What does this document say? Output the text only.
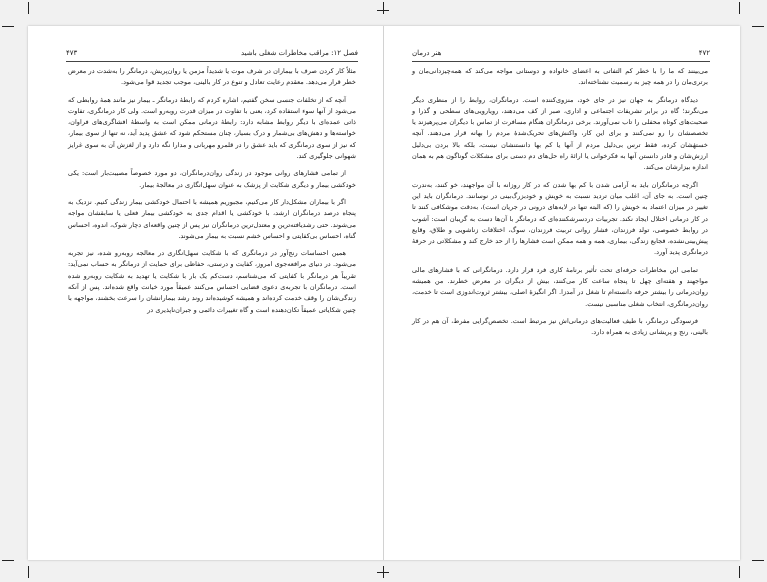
فصل ۱۲: مراقب مخاطرات شغلی باشید
۴۷۳

مثلاً کار کردن صرف با بیماران در شرف موت یا شدیداً مزمن یا روان‌پریش، درمانگر را به‌شدت در معرض خطر قرار می‌دهد. معقدم رعایت تعادل و تنوع در کار بالینی، موجب تجدید قوا می‌شود.

آنچه که از تخلفات جنسی سخن گفتیم، اشاره کردم که رابطهٔ درمانگر ـ بیمار نیز مانند همهٔ روابطی که می‌شود از آنها سوء استفاده کرد، بعنی با تفاوت در میزان قدرت روبه‌رو است. ولی کار درمانگری، تفاوت ذاتی عمده‌ای با دیگر روابط مشابه دارد: رابطهٔ درمانی ممکن است به واسطهٔ افشاگری‌های فراوان، خواسته‌ها و دهش‌های بی‌شمار و درک بسیار، چنان مستحکم شود که عشق پدید آید، نه تنها از سوی بیمار، که نیز از سوی درمانگری که باید عشق را در قلمرو مهربانی و مدارا نگه دارد و از لغزش آن به سوی غرایز شهوانی جلوگیری کند.

از تمامی فشارهای روانی موجود در زندگی روان‌درمانگران، دو مورد خصوصاً مصیبت‌بار است: یکی خودکشی بیمار و دیگری شکایت از پزشک به عنوان سهل‌انگاری در معالجهٔ بیمار.

اگر با بیماران مشکل‌دار کار می‌کنیم، مجبوریم همیشه با احتمال خودکشی بیمار زندگی کنیم. نزدیک به پنجاه درصد درمانگران ارشد، با خودکشی یا اقدام جدی به خودکشی بیمار فعلی یا سابقشان مواجه می‌شوند. حتی رشدیافته‌ترین و معتدل‌ترین درمانگران نیز پس از چنین واقعه‌ای دچار شوک، اندوه، احساس گناه، احساس بی‌کفایتی و احساس خشم نسبت به بیمار می‌شوند.

همین احساسات رنج‌آور در درمانگری که با شکایت سهل‌انگاری در معالجه روبه‌رو شده، نیز تجربه می‌شود. در دنیای مرافعه‌جوی امروز، کفایت و درستی، حفاظی برای حمایت از درمانگر به حساب نمی‌آید: تقریباً هر درمانگر با کفایتی که می‌شناسم، دست‌کم یک بار با شکایت یا تهدید به شکایت روبه‌رو شده است. درمانگران با تجربه‌ی دعوی قضایی احساس می‌کنند عمیقاً مورد خیانت واقع شده‌اند. پس از آنکه زندگی‌شان را وقف خدمت کرده‌اند و همیشه کوشیده‌اند روند رشد بیمارانشان را سرعت بخشند، مواجهه با چنین شکایاتی عمیقاً تکان‌دهنده است و گاه تغییرات دائمی و جبران‌ناپذیری در

۴۷۲
هنر درمان

می‌بینند که ما را با خطر کم التفاتی به اعضای خانواده و دوستانی مواجه می‌کند که همه‌چیز‌دانی‌مان و برتری‌مان را در همه چیز به رسمیت نشناخته‌اند.

دیدگاه درمانگر به جهان نیز در جای خود، منزوی‌کننده است. درمانگران، روابط را از منظری دیگر می‌نگرند؛ گاه در برابر تشریفات اجتماعی و اداری، صبر از کف می‌دهند، رویارویی‌های سطحی و گذرا و صحبت‌های کوتاه محفلی را تاب نمی‌آورند. برخی درمانگران هنگام مسافرت از تماس با دیگران می‌پرهیزند یا تخصصشان را رو نمی‌کنند و برای این کار، واکنش‌های تحریک‌شدهٔ مردم را بهانه قرار می‌دهند. آنچه خستهٔشان کرده، فقط ترس بی‌دلیل مردم از آنها یا کم بها دانستنشان نیست، بلکه بالا بردن بی‌دلیل ارزش‌شان و قادر دانستن آنها به فکرخوانی یا ارائهٔ راه حل‌های دم دستی برای مشکلات گوناگون هم به همان اندازه بیزارشان می‌کند.

اگرچه درمانگران باید به آرامی شدن با کم بها شدن که در کار روزانه با آن مواجهند، خو کنند، به‌ندرت چنین است. به جای آن، اغلب میان تردید نسبت به خویش و خودبزرگ‌بینی در نوسانند. درمانگران باید این تغییر در میزان اعتماد به خویش را (که البته تنها در لایه‌های درونی در جریان است)، به‌دقت موشکافی کنند تا در کار درمانی اختلال ایجاد نکند. تجربیات دردسرشکننده‌ای که درمانگر با آن‌ها دست به گریبان است: آشوب در روابط خصوصی، تولد فرزندان، فشار روانی تربیت فرزندان، سوگ، اختلافات زناشویی و طلاق، وقایع پیش‌بینی‌نشده، فجایع زندگی، بیماری، همه و همه ممکن است فشارها را از حد خارج کند و مشکلاتی در حرفهٔ درمانگری پدید آورد.

تمامی این مخاطرات حرفه‌ای تحت تأثیر برنامهٔ کاری فرد قرار دارد. درمانگرانی که با فشارهای مالی مواجهند و هفته‌ای چهل تا پنجاه ساعت کار می‌کنند، بیش از دیگران در معرض خطرند. من همیشه روان‌درمانی را بیشتر حرفه دانسته‌ام تا شغل در آمدزا. اگر انگیزهٔ اصلی، بیشتر ثروت‌اندوزی است تا خدمت، روان‌درمانگری، انتخاب شغلی مناسبی نیست.

فرسودگی درمانگر، با طیف فعالیت‌های درمانی‌اش نیز مرتبط است. تخصص‌گرایی مفرط، آن هم در کار بالینی، رنج و پریشانی زیادی به همراه دارد.
